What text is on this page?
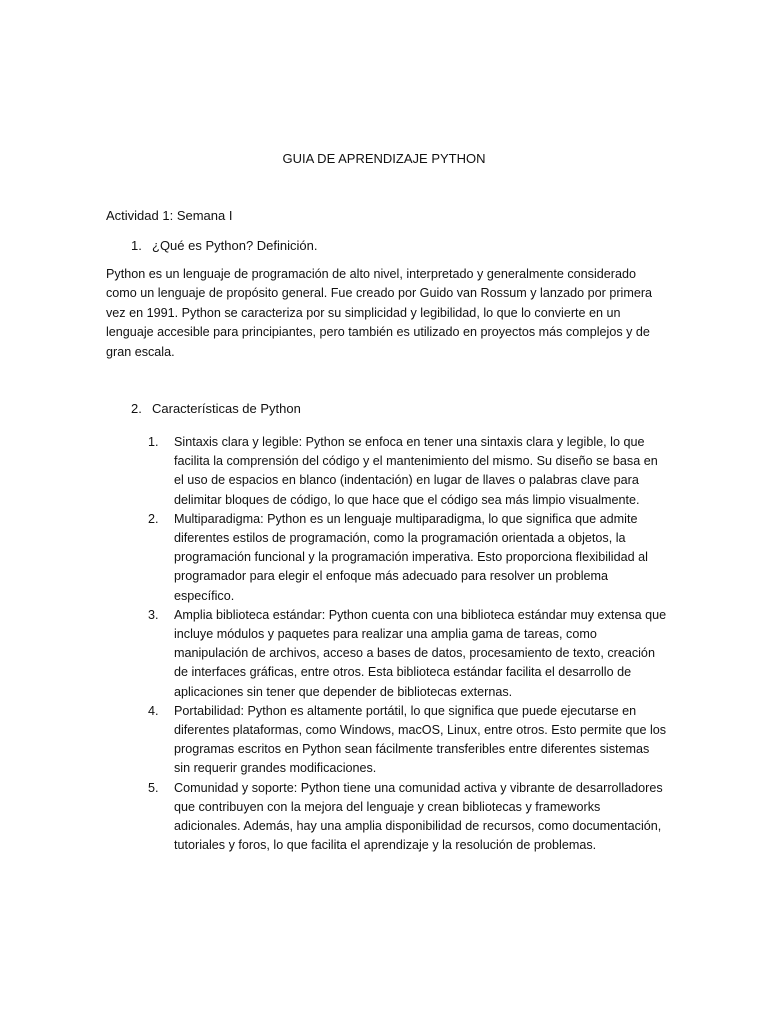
GUIA DE APRENDIZAJE PYTHON

Actividad 1: Semana I

1. ¿Qué es Python? Definición.

Python es un lenguaje de programación de alto nivel, interpretado y generalmente considerado como un lenguaje de propósito general. Fue creado por Guido van Rossum y lanzado por primera vez en 1991. Python se caracteriza por su simplicidad y legibilidad, lo que lo convierte en un lenguaje accesible para principiantes, pero también es utilizado en proyectos más complejos y de gran escala.

2. Características de Python
1. Sintaxis clara y legible: Python se enfoca en tener una sintaxis clara y legible, lo que facilita la comprensión del código y el mantenimiento del mismo. Su diseño se basa en el uso de espacios en blanco (indentación) en lugar de llaves o palabras clave para delimitar bloques de código, lo que hace que el código sea más limpio visualmente.
2. Multiparadigma: Python es un lenguaje multiparadigma, lo que significa que admite diferentes estilos de programación, como la programación orientada a objetos, la programación funcional y la programación imperativa. Esto proporciona flexibilidad al programador para elegir el enfoque más adecuado para resolver un problema específico.
3. Amplia biblioteca estándar: Python cuenta con una biblioteca estándar muy extensa que incluye módulos y paquetes para realizar una amplia gama de tareas, como manipulación de archivos, acceso a bases de datos, procesamiento de texto, creación de interfaces gráficas, entre otros. Esta biblioteca estándar facilita el desarrollo de aplicaciones sin tener que depender de bibliotecas externas.
4. Portabilidad: Python es altamente portátil, lo que significa que puede ejecutarse en diferentes plataformas, como Windows, macOS, Linux, entre otros. Esto permite que los programas escritos en Python sean fácilmente transferibles entre diferentes sistemas sin requerir grandes modificaciones.
5. Comunidad y soporte: Python tiene una comunidad activa y vibrante de desarrolladores que contribuyen con la mejora del lenguaje y crean bibliotecas y frameworks adicionales. Además, hay una amplia disponibilidad de recursos, como documentación, tutoriales y foros, lo que facilita el aprendizaje y la resolución de problemas.
